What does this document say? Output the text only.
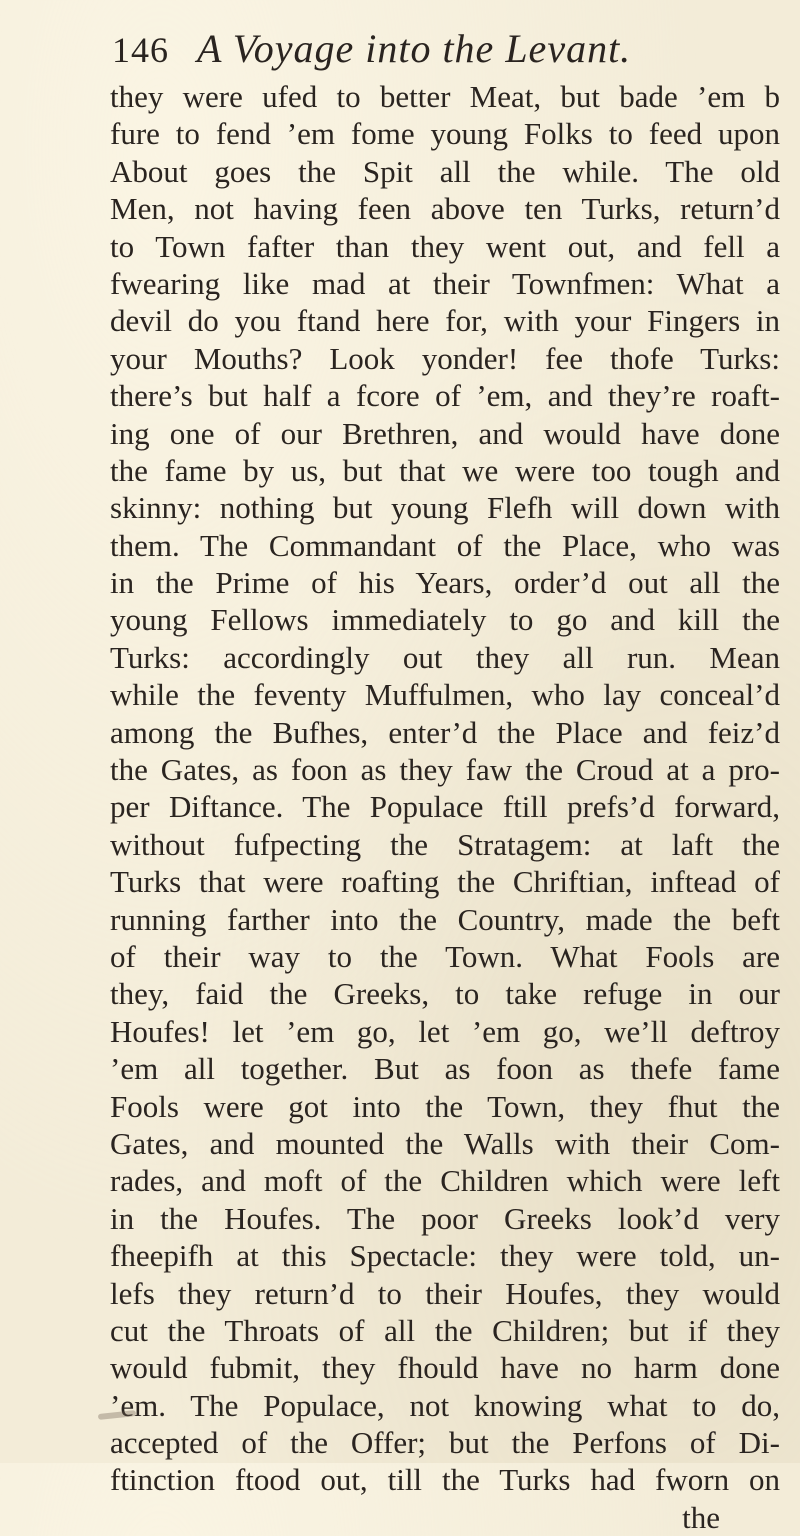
146 A Voyage into the Levant.
they were ufed to better Meat, but bade ’em b
fure to fend ’em fome young Folks to feed upon
About goes the Spit all the while. The old
Men, not having feen above ten Turks, return’d
to Town fafter than they went out, and fell a
fwearing like mad at their Townfmen: What a
devil do you ftand here for, with your Fingers in
your Mouths? Look yonder! fee thofe Turks:
there’s but half a fcore of ’em, and they’re roaft-
ing one of our Brethren, and would have done
the fame by us, but that we were too tough and
skinny: nothing but young Flefh will down with
them. The Commandant of the Place, who was
in the Prime of his Years, order’d out all the
young Fellows immediately to go and kill the
Turks: accordingly out they all run. Mean
while the feventy Muffulmen, who lay conceal’d
among the Bufhes, enter’d the Place and feiz’d
the Gates, as foon as they faw the Croud at a pro-
per Diftance. The Populace ftill prefs’d forward,
without fufpecting the Stratagem: at laft the
Turks that were roafting the Chriftian, inftead of
running farther into the Country, made the beft
of their way to the Town. What Fools are
they, faid the Greeks, to take refuge in our
Houfes! let ’em go, let ’em go, we’ll deftroy
’em all together. But as foon as thefe fame
Fools were got into the Town, they fhut the
Gates, and mounted the Walls with their Com-
rades, and moft of the Children which were left
in the Houfes. The poor Greeks look’d very
fheepifh at this Spectacle: they were told, un-
lefs they return’d to their Houfes, they would
cut the Throats of all the Children; but if they
would fubmit, they fhould have no harm done
’em. The Populace, not knowing what to do,
accepted of the Offer; but the Perfons of Di-
ftinction ftood out, till the Turks had fworn on
the
